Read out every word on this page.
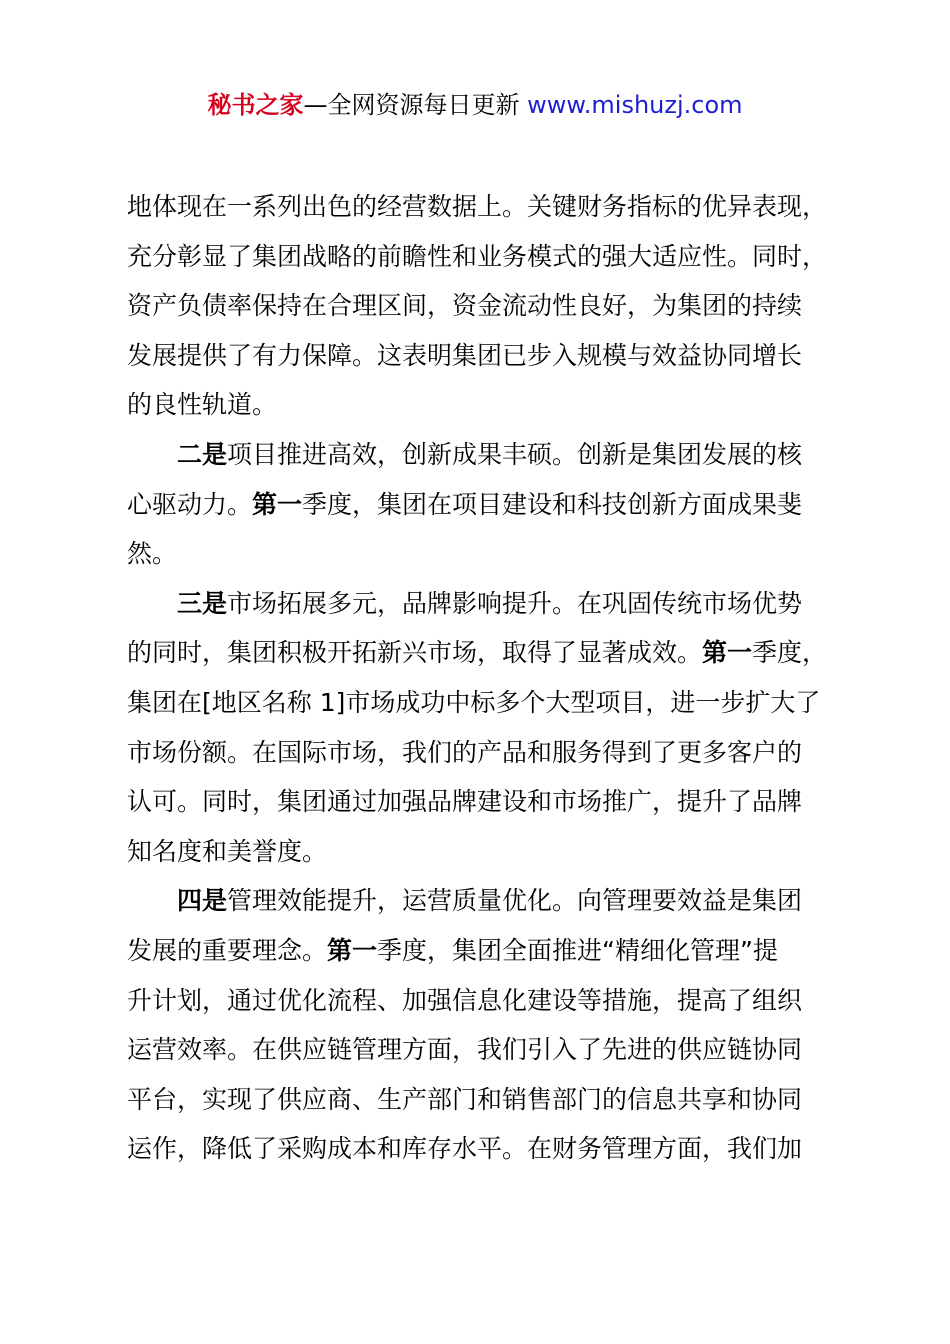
秘书之家—全网资源每日更新 www.mishuzj.com
地体现在一系列出色的经营数据上。关键财务指标的优异表现，
充分彰显了集团战略的前瞻性和业务模式的强大适应性。同时，
资产负债率保持在合理区间，资金流动性良好，为集团的持续
发展提供了有力保障。这表明集团已步入规模与效益协同增长
的良性轨道。
　　二是项目推进高效，创新成果丰硕。创新是集团发展的核
心驱动力。第一季度，集团在项目建设和科技创新方面成果斐
然。
　　三是市场拓展多元，品牌影响提升。在巩固传统市场优势
的同时，集团积极开拓新兴市场，取得了显著成效。第一季度，
集团在[地区名称 1]市场成功中标多个大型项目，进一步扩大了
市场份额。在国际市场，我们的产品和服务得到了更多客户的
认可。同时，集团通过加强品牌建设和市场推广，提升了品牌
知名度和美誉度。
　　四是管理效能提升，运营质量优化。向管理要效益是集团
发展的重要理念。第一季度，集团全面推进“精细化管理”提
升计划，通过优化流程、加强信息化建设等措施，提高了组织
运营效率。在供应链管理方面，我们引入了先进的供应链协同
平台，实现了供应商、生产部门和销售部门的信息共享和协同
运作，降低了采购成本和库存水平。在财务管理方面，我们加
